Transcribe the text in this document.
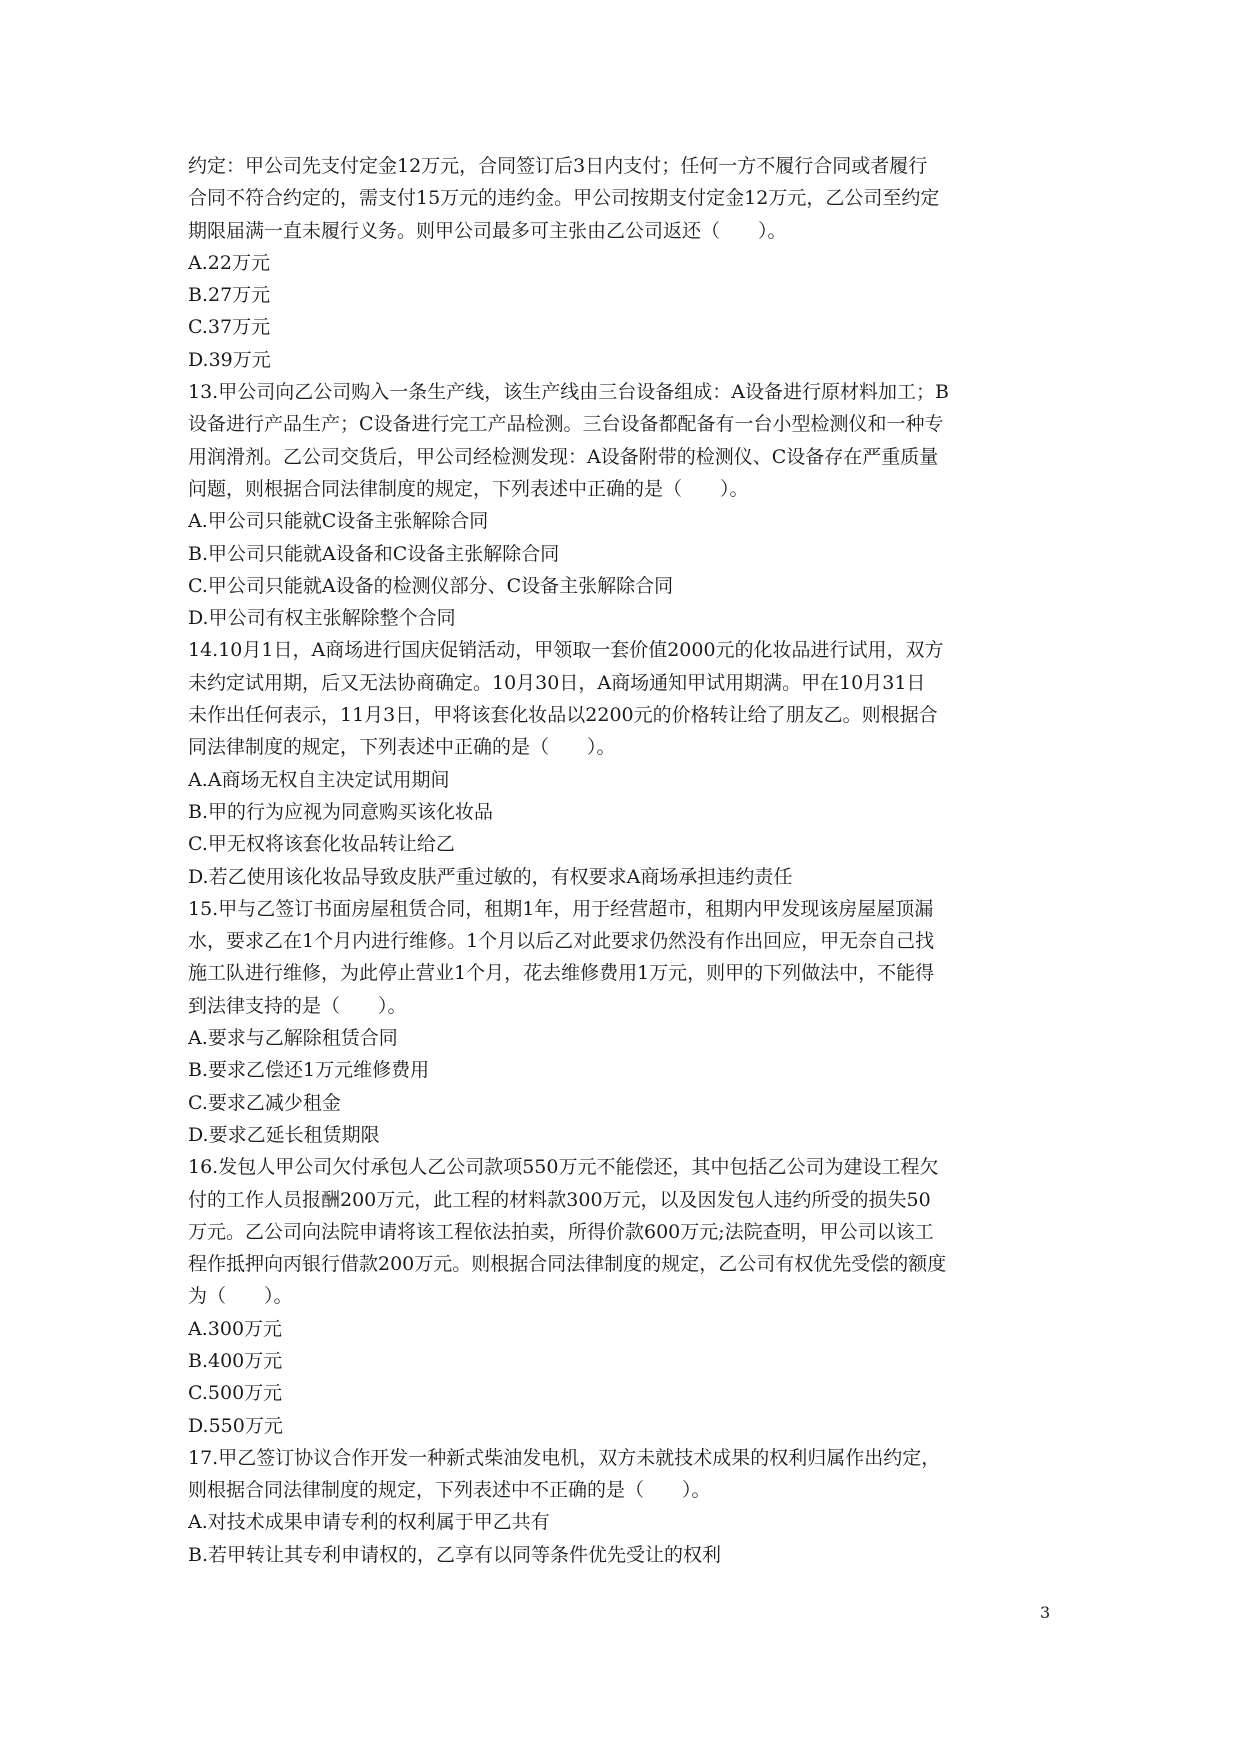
约定：甲公司先支付定金12万元，合同签订后3日内支付；任何一方不履行合同或者履行
合同不符合约定的，需支付15万元的违约金。甲公司按期支付定金12万元，乙公司至约定
期限届满一直未履行义务。则甲公司最多可主张由乙公司返还（　　）。
A.22万元
B.27万元
C.37万元
D.39万元
13.甲公司向乙公司购入一条生产线，该生产线由三台设备组成：A设备进行原材料加工；B
设备进行产品生产；C设备进行完工产品检测。三台设备都配备有一台小型检测仪和一种专
用润滑剂。乙公司交货后，甲公司经检测发现：A设备附带的检测仪、C设备存在严重质量
问题，则根据合同法律制度的规定，下列表述中正确的是（　　）。
A.甲公司只能就C设备主张解除合同
B.甲公司只能就A设备和C设备主张解除合同
C.甲公司只能就A设备的检测仪部分、C设备主张解除合同
D.甲公司有权主张解除整个合同
14.10月1日，A商场进行国庆促销活动，甲领取一套价值2000元的化妆品进行试用，双方
未约定试用期，后又无法协商确定。10月30日，A商场通知甲试用期满。甲在10月31日
未作出任何表示，11月3日，甲将该套化妆品以2200元的价格转让给了朋友乙。则根据合
同法律制度的规定，下列表述中正确的是（　　）。
A.A商场无权自主决定试用期间
B.甲的行为应视为同意购买该化妆品
C.甲无权将该套化妆品转让给乙
D.若乙使用该化妆品导致皮肤严重过敏的，有权要求A商场承担违约责任
15.甲与乙签订书面房屋租赁合同，租期1年，用于经营超市，租期内甲发现该房屋屋顶漏
水，要求乙在1个月内进行维修。1个月以后乙对此要求仍然没有作出回应，甲无奈自己找
施工队进行维修，为此停止营业1个月，花去维修费用1万元，则甲的下列做法中，不能得
到法律支持的是（　　）。
A.要求与乙解除租赁合同
B.要求乙偿还1万元维修费用
C.要求乙减少租金
D.要求乙延长租赁期限
16.发包人甲公司欠付承包人乙公司款项550万元不能偿还，其中包括乙公司为建设工程欠
付的工作人员报酬200万元，此工程的材料款300万元，以及因发包人违约所受的损失50
万元。乙公司向法院申请将该工程依法拍卖，所得价款600万元;法院查明，甲公司以该工
程作抵押向丙银行借款200万元。则根据合同法律制度的规定，乙公司有权优先受偿的额度
为（　　）。
A.300万元
B.400万元
C.500万元
D.550万元
17.甲乙签订协议合作开发一种新式柴油发电机，双方未就技术成果的权利归属作出约定，
则根据合同法律制度的规定，下列表述中不正确的是（　　）。
A.对技术成果申请专利的权利属于甲乙共有
B.若甲转让其专利申请权的，乙享有以同等条件优先受让的权利
3
